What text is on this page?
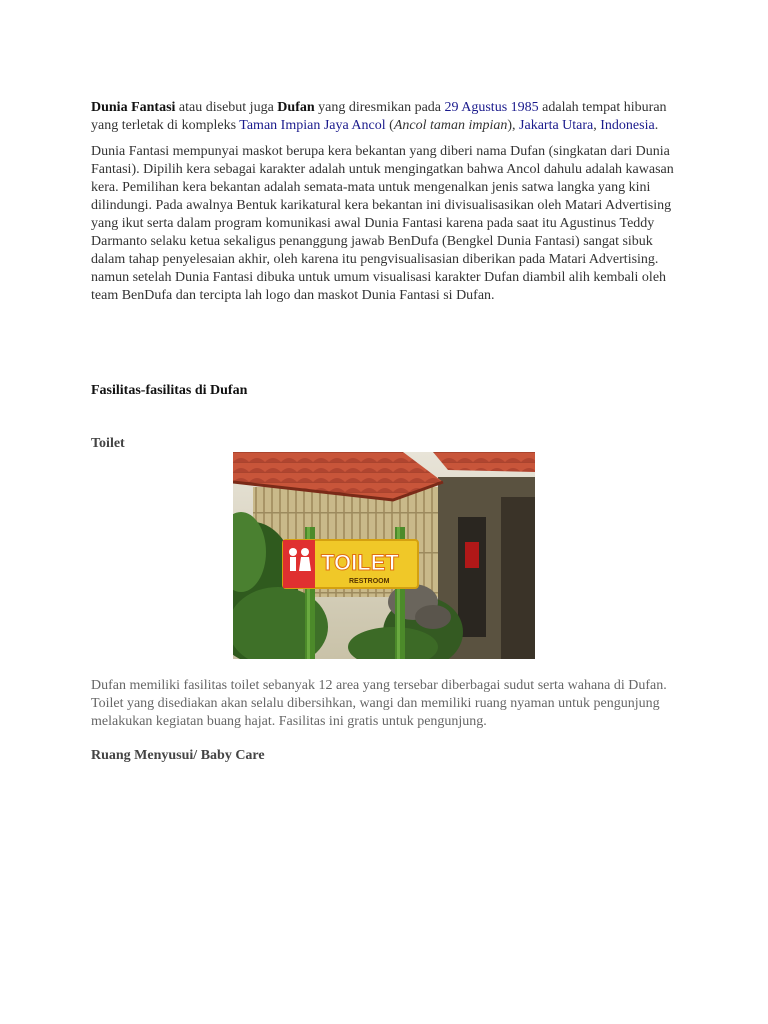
Dunia Fantasi atau disebut juga Dufan yang diresmikan pada 29 Agustus 1985 adalah tempat hiburan yang terletak di kompleks Taman Impian Jaya Ancol (Ancol taman impian), Jakarta Utara, Indonesia.

Dunia Fantasi mempunyai maskot berupa kera bekantan yang diberi nama Dufan (singkatan dari Dunia Fantasi). Dipilih kera sebagai karakter adalah untuk mengingatkan bahwa Ancol dahulu adalah kawasan kera. Pemilihan kera bekantan adalah semata-mata untuk mengenalkan jenis satwa langka yang kini dilindungi. Pada awalnya Bentuk karikatural kera bekantan ini divisualisasikan oleh Matari Advertising yang ikut serta dalam program komunikasi awal Dunia Fantasi karena pada saat itu Agustinus Teddy Darmanto selaku ketua sekaligus penanggung jawab BenDufa (Bengkel Dunia Fantasi) sangat sibuk dalam tahap penyelesaian akhir, oleh karena itu pengvisualisasian diberikan pada Matari Advertising. namun setelah Dunia Fantasi dibuka untuk umum visualisasi karakter Dufan diambil alih kembali oleh team BenDufa dan tercipta lah logo dan maskot Dunia Fantasi si Dufan.

Fasilitas-fasilitas di Dufan
Toilet
TOILET
RESTROOM

Dufan memiliki fasilitas toilet sebanyak 12 area yang tersebar diberbagai sudut serta wahana di Dufan. Toilet yang disediakan akan selalu dibersihkan, wangi dan memiliki ruang nyaman untuk pengunjung melakukan kegiatan buang hajat. Fasilitas ini gratis untuk pengunjung.

Ruang Menyusui/ Baby Care
